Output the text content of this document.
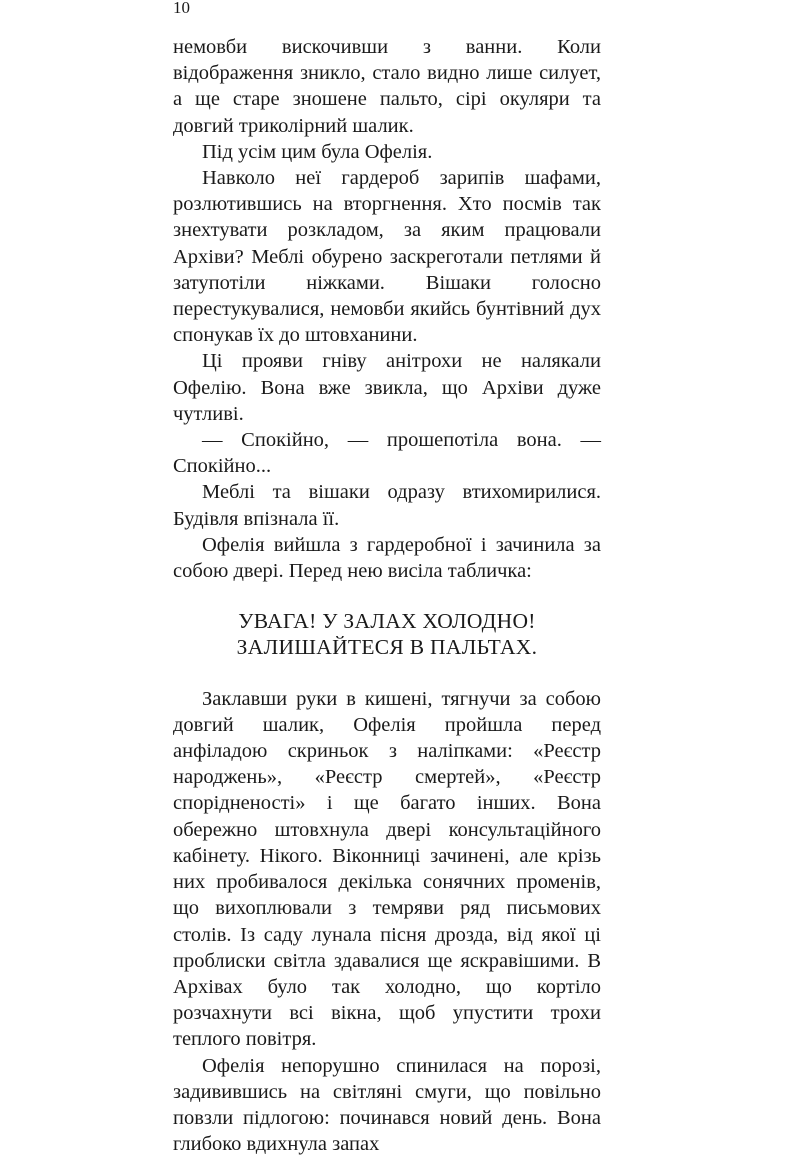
10

немовби вискочивши з ванни. Коли відображення зникло, стало видно лише силует, а ще старе зношене пальто, сірі окуляри та довгий триколірний шалик.

Під усім цим була Офелія.

Навколо неї гардероб зарипів шафами, розлютившись на вторгнення. Хто посмів так знехтувати розкладом, за яким працювали Архіви? Меблі обурено заскреготали петлями й затупотіли ніжками. Вішаки голосно перестукувалися, немовби якийсь бунтівний дух спонукав їх до штовханини.

Ці прояви гніву анітрохи не налякали Офелію. Вона вже звикла, що Архіви дуже чутливі.

— Спокійно, — прошепотіла вона. — Спокійно...

Меблі та вішаки одразу втихомирилися. Будівля впізнала її.

Офелія вийшла з гардеробної і зачинила за собою двері. Перед нею висіла табличка:

УВАГА! У ЗАЛАХ ХОЛОДНО!
ЗАЛИШАЙТЕСЯ В ПАЛЬТАХ.

Заклавши руки в кишені, тягнучи за собою довгий шалик, Офелія пройшла перед анфіладою скриньок з наліпками: «Реєстр народжень», «Реєстр смертей», «Реєстр спорідненості» і ще багато інших. Вона обережно штовхнула двері консультаційного кабінету. Нікого. Віконниці зачинені, але крізь них пробивалося декілька сонячних променів, що вихоплювали з темряви ряд письмових столів. Із саду лунала пісня дрозда, від якої ці проблиски світла здавалися ще яскравішими. В Архівах було так холодно, що кортіло розчахнути всі вікна, щоб упустити трохи теплого повітря.

Офелія непорушно спинилася на порозі, задивившись на світляні смуги, що повільно повзли підлогою: починався новий день. Вона глибоко вдихнула запах
